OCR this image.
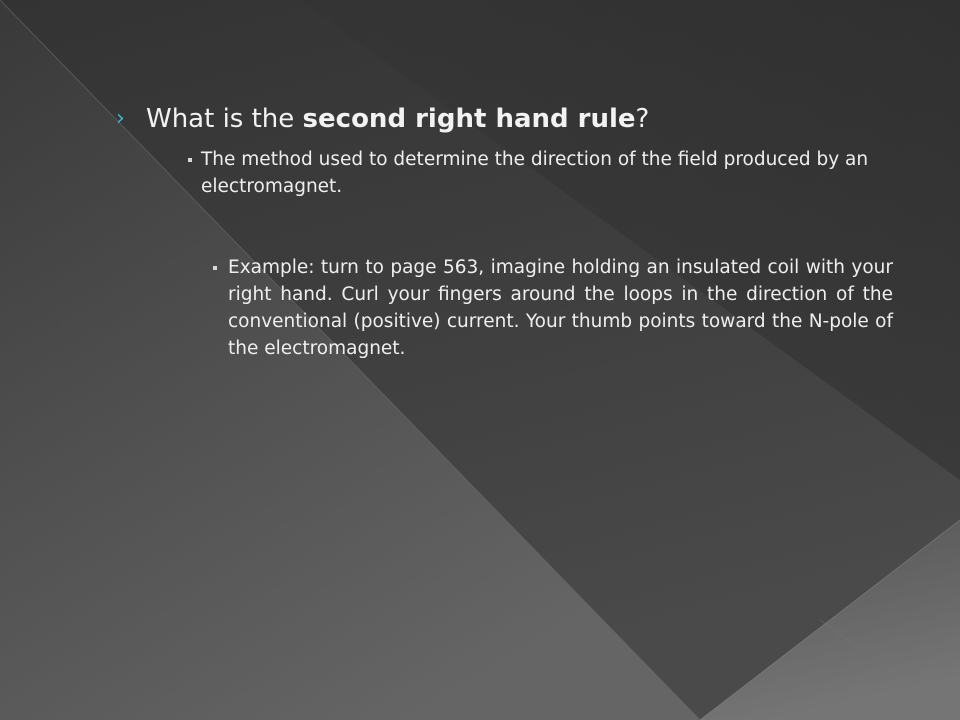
› What is the second right hand rule?
The method used to determine the direction of the field produced by an electromagnet.
Example: turn to page 563, imagine holding an insulated coil with your right hand. Curl your fingers around the loops in the direction of the conventional (positive) current. Your thumb points toward the N-pole of the electromagnet.
